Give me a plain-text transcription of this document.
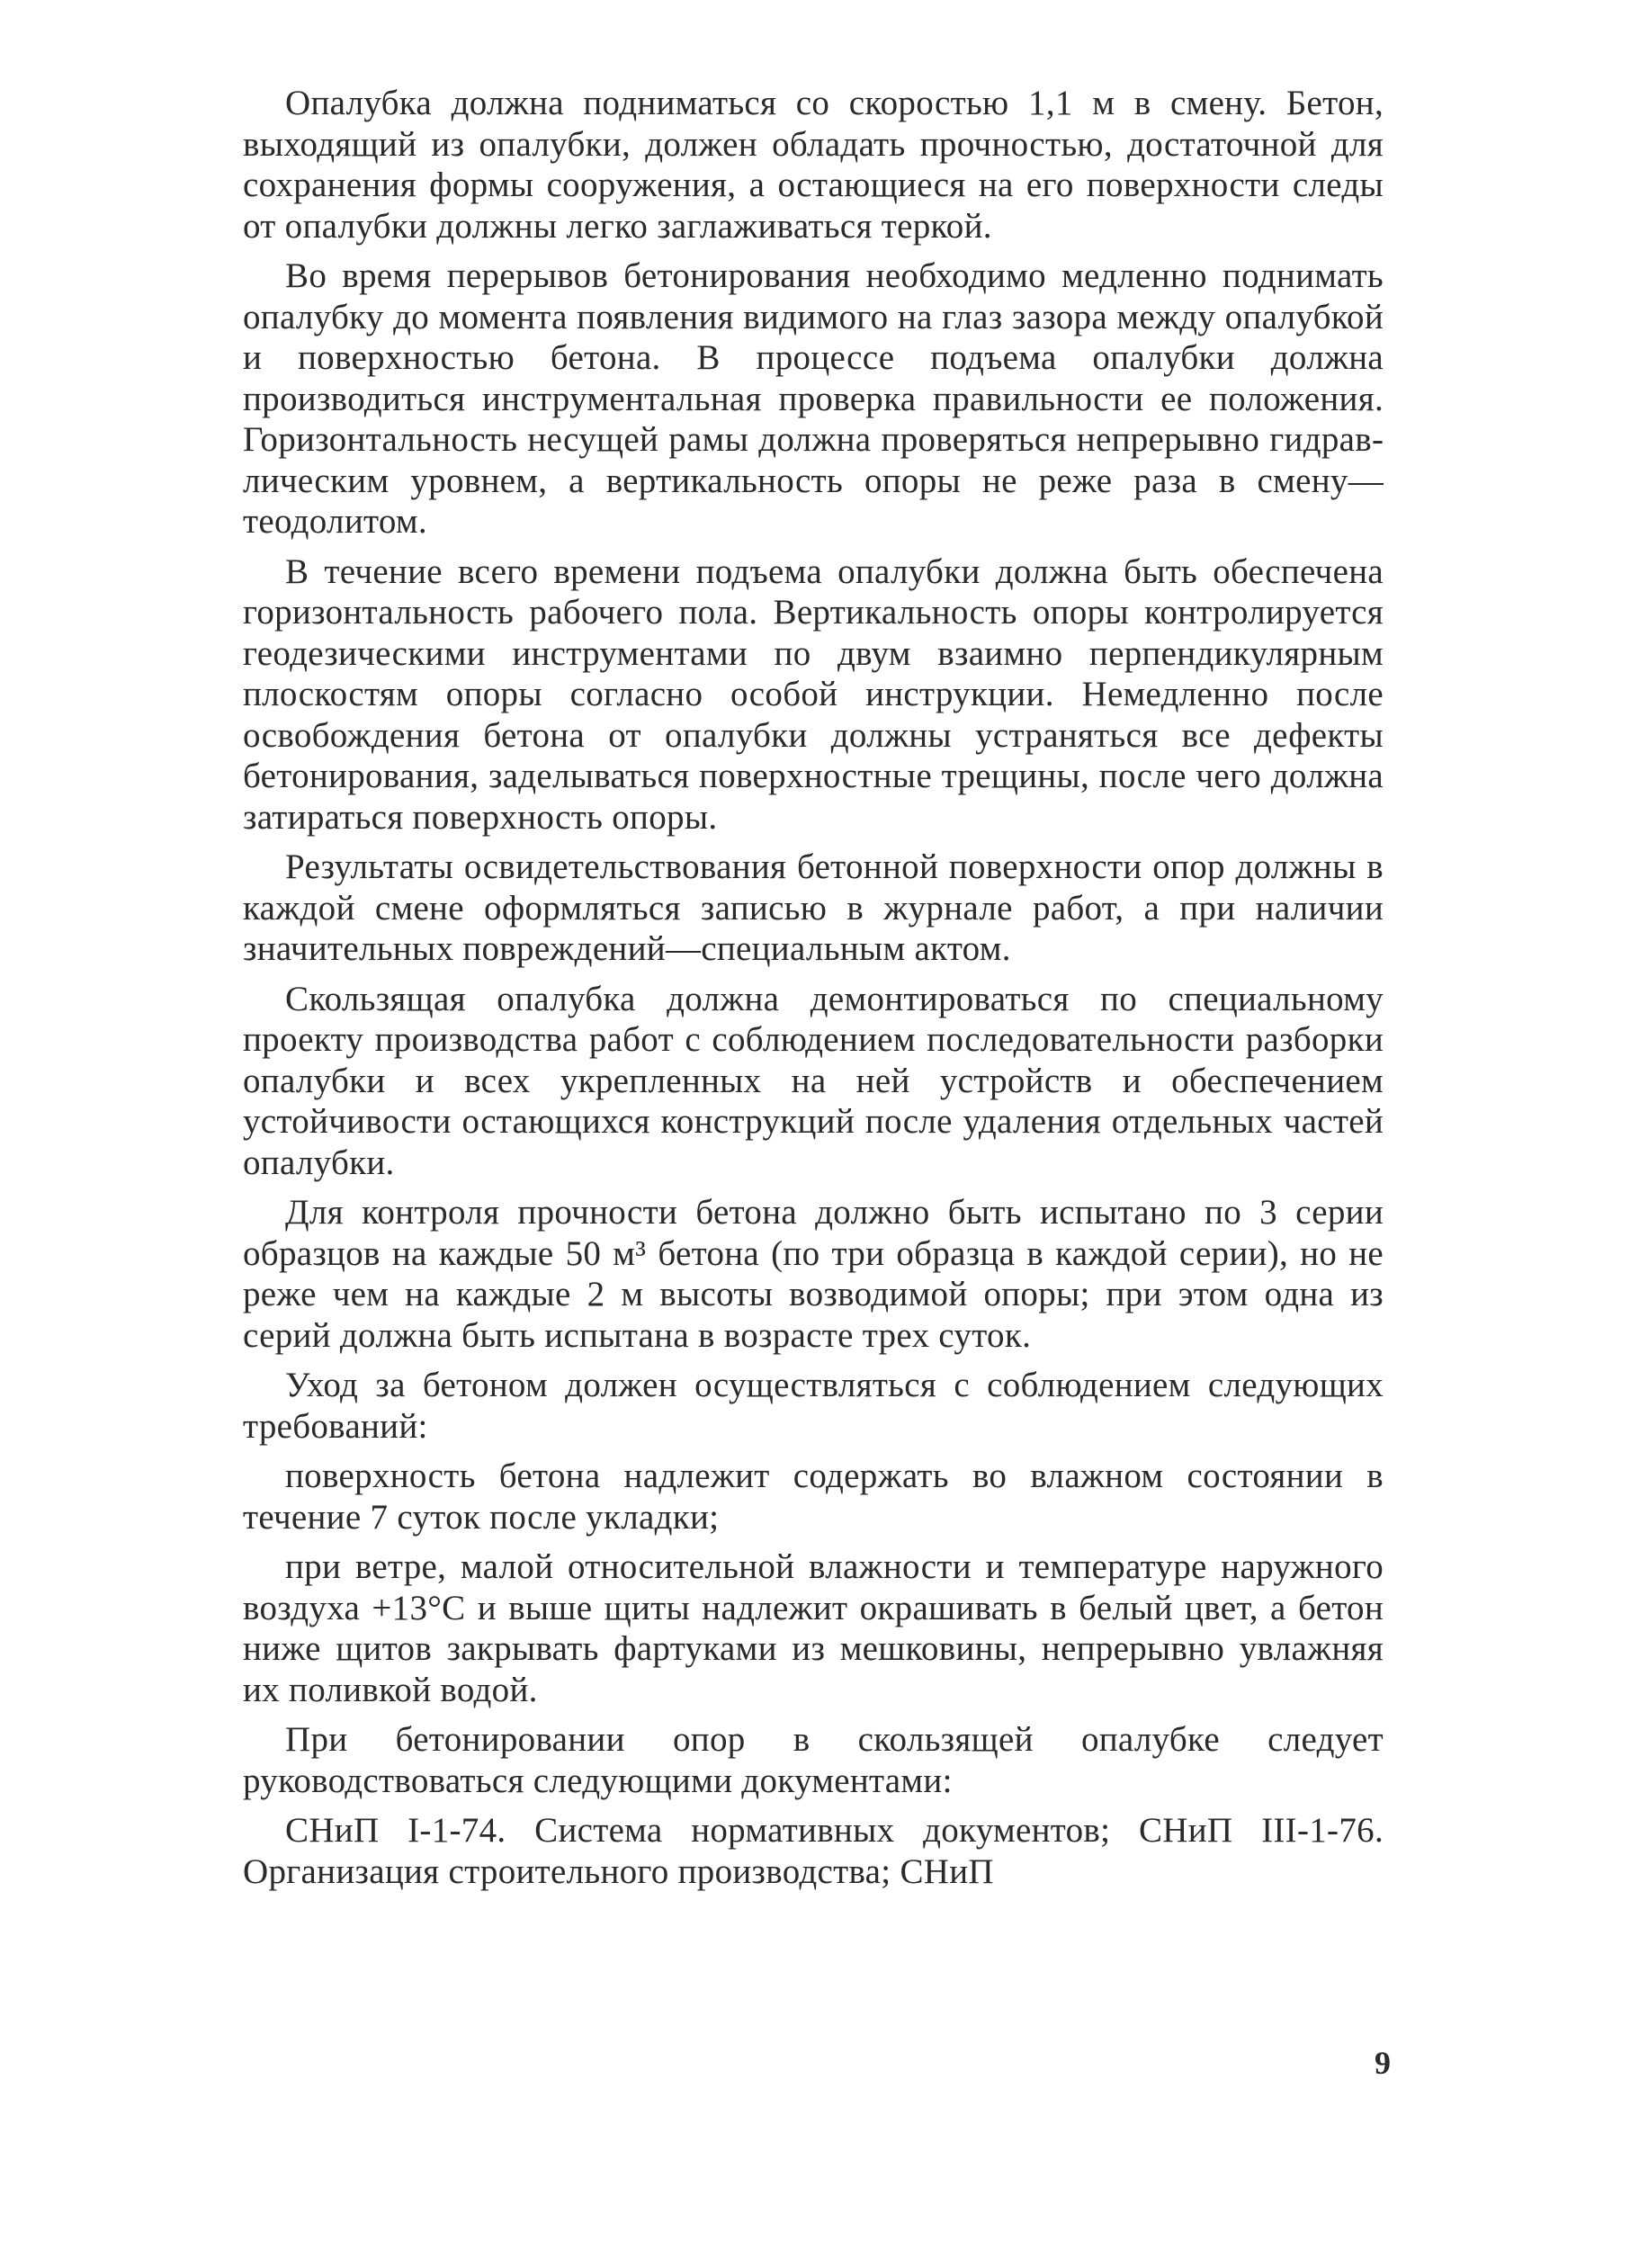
Опалубка должна подниматься со скоростью 1,1 м в смену. Бетон, выходящий из опалубки, должен обладать прочностью, достаточной для сохранения формы сооружения, а остающиеся на его поверхности следы от опалубки должны легко заглаживаться теркой.

Во время перерывов бетонирования необходимо медленно поднимать опалубку до момента появления видимого на глаз зазора между опалубкой и поверхностью бетона. В процессе подъема опалубки должна производиться инструментальная проверка правильности ее положения. Горизонтальность несущей рамы должна проверяться непрерывно гидравлическим уровнем, а вертикальность опоры не реже раза в смену—теодолитом.

В течение всего времени подъема опалубки должна быть обеспечена горизонтальность рабочего пола. Вертикальность опоры контролируется геодезическими инструментами по двум взаимно перпендикулярным плоскостям опоры согласно особой инструкции. Немедленно после освобождения бетона от опалубки должны устраняться все дефекты бетонирования, заделываться поверхностные трещины, после чего должна затираться поверхность опоры.

Результаты освидетельствования бетонной поверхности опор должны в каждой смене оформляться записью в журнале работ, а при наличии значительных повреждений—специальным актом.

Скользящая опалубка должна демонтироваться по специальному проекту производства работ с соблюдением последовательности разборки опалубки и всех укрепленных на ней устройств и обеспечением устойчивости остающихся конструкций после удаления отдельных частей опалубки.

Для контроля прочности бетона должно быть испытано по 3 серии образцов на каждые 50 м³ бетона (по три образца в каждой серии), но не реже чем на каждые 2 м высоты возводимой опоры; при этом одна из серий должна быть испытана в возрасте трех суток.

Уход за бетоном должен осуществляться с соблюдением следующих требований:

поверхность бетона надлежит содержать во влажном состоянии в течение 7 суток после укладки;

при ветре, малой относительной влажности и температуре наружного воздуха +13°С и выше щиты надлежит окрашивать в белый цвет, а бетон ниже щитов закрывать фартуками из мешковины, непрерывно увлажняя их поливкой водой.

При бетонировании опор в скользящей опалубке следует руководствоваться следующими документами:

СНиП I-1-74. Система нормативных документов; СНиП III-1-76. Организация строительного производства; СНиП

9
